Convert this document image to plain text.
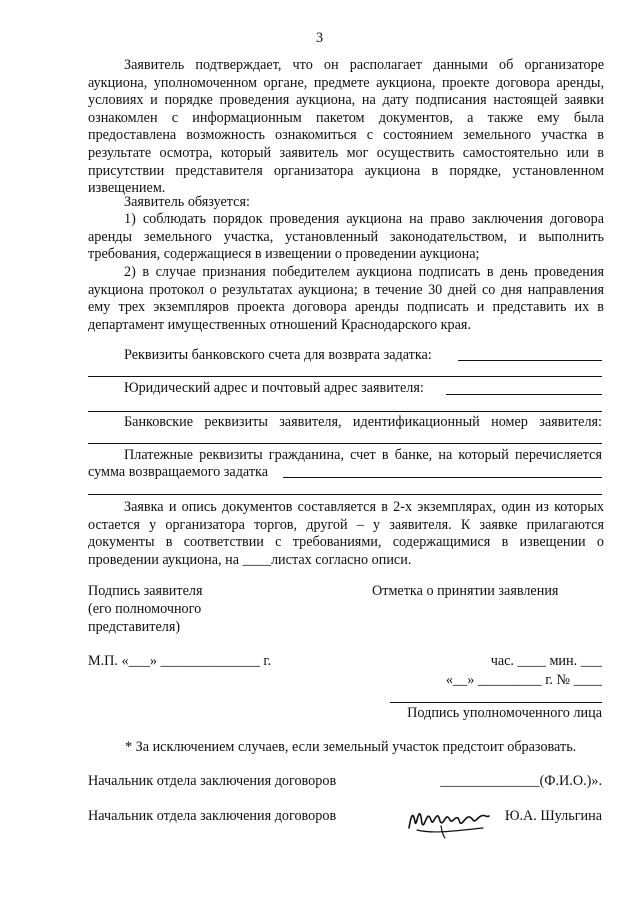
3
Заявитель подтверждает, что он располагает данными об организаторе аукциона, уполномоченном органе, предмете аукциона, проекте договора аренды, условиях и порядке проведения аукциона, на дату подписания настоящей заявки ознакомлен с информационным пакетом документов, а также ему была предоставлена возможность ознакомиться с состоянием земельного участка в результате осмотра, который заявитель мог осуществить самостоятельно или в присутствии представителя организатора аукциона в порядке, установленном извещением.
Заявитель обязуется:
1) соблюдать порядок проведения аукциона на право заключения договора аренды земельного участка, установленный законодательством, и выполнить требования, содержащиеся в извещении о проведении аукциона;
2) в случае признания победителем аукциона подписать в день проведения аукциона протокол о результатах аукциона; в течение 30 дней со дня направления ему трех экземпляров проекта договора аренды подписать и представить их в департамент имущественных отношений Краснодарского края.
Реквизиты банковского счета для возврата задатка:
Юридический адрес и почтовый адрес заявителя:
Банковские реквизиты заявителя, идентификационный номер заявителя:
Платежные реквизиты гражданина, счет в банке, на который перечисляется
сумма возвращаемого задатка
Заявка и опись документов составляется в 2-х экземплярах, один из которых остается у организатора торгов, другой – у заявителя. К заявке прилагаются документы в соответствии с требованиями, содержащимися в извещении о проведении аукциона, на ____листах согласно описи.
Подпись заявителя
(его полномочного
представителя)
Отметка о принятии заявления
М.П. «___» ______________ г.	час. ____ мин. ___
«__» _________ г. № ____
Подпись уполномоченного лица
* За исключением случаев, если земельный участок предстоит образовать.
Начальник отдела заключения договоров	______________(Ф.И.О.)».
Начальник отдела заключения договоров	Ю.А. Шульгина
